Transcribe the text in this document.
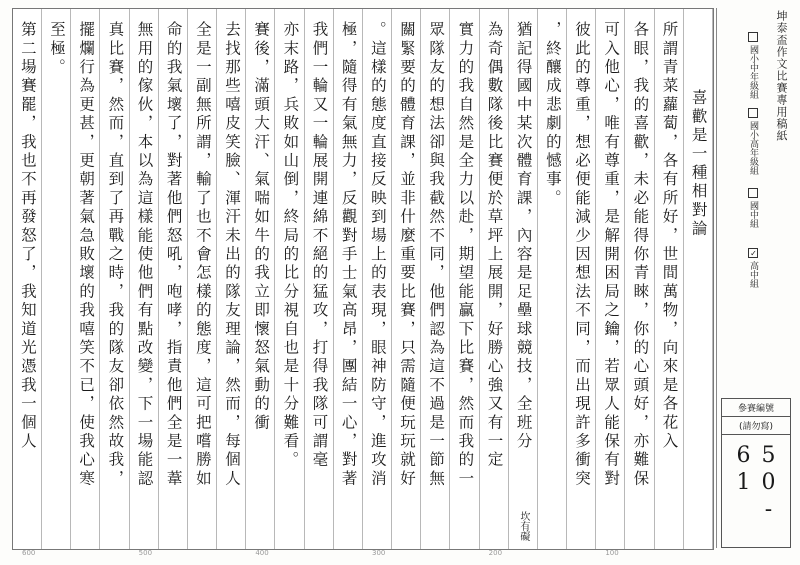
喜歡是一種相對論
所謂青菜蘿蔔，各有所好，世間萬物，向來是各花入
各眼，我的喜歡，未必能得你青睞，你的心頭好，亦難保
可入他心，唯有尊重，是解開困局之鑰，若眾人能保有對
彼此的尊重，想必便能減少因想法不同，而出現許多衝突
，終釀成悲劇的憾事。
猶記得國中某次體育課，內容是足壘球競技，全班分
坎有礙
為奇偶數隊後比賽便於草坪上展開，好勝心強又有一定
實力的我自然是全力以赴，期望能贏下比賽，然而我的一
眾隊友的想法卻與我截然不同，他們認為這不過是一節無
關緊要的體育課，並非什麼重要比賽，只需隨便玩玩就好
。這樣的態度直接反映到場上的表現，眼神防守，進攻消
極，隨得有氣無力，反觀對手士氣高昂，團結一心，對著
我們一輪又一輪展開連綿不絕的猛攻，打得我隊可謂毫
亦末路，兵敗如山倒，終局的比分視自也是十分難看。
賽後，滿頭大汗、氣喘如牛的我立即懷怒氣動的衝
去找那些嘻皮笑臉、渾汗未出的隊友理論，然而，每個人
全是一副無所謂，輸了也不會怎樣的態度，這可把嚐勝如
命的我氣壞了，對著他們怒吼，咆哮，指責他們全是一葦
無用的傢伙，本以為這樣能使他們有點改變，下一場能認
真比賽，然而，直到了再戰之時，我的隊友卻依然故我，
擺爛行為更甚，更朝著氣急敗壞的我嘻笑不已，使我心寒
至極。
第二場賽罷，我也不再發怒了，我知道光憑我一個人
600	500	400	300	200	100
坤泰盃作文比賽專用稿紙
國小中年級組
國小高年級組
國中組
✓高中組
參賽編號
(請勿寫)
50-61
